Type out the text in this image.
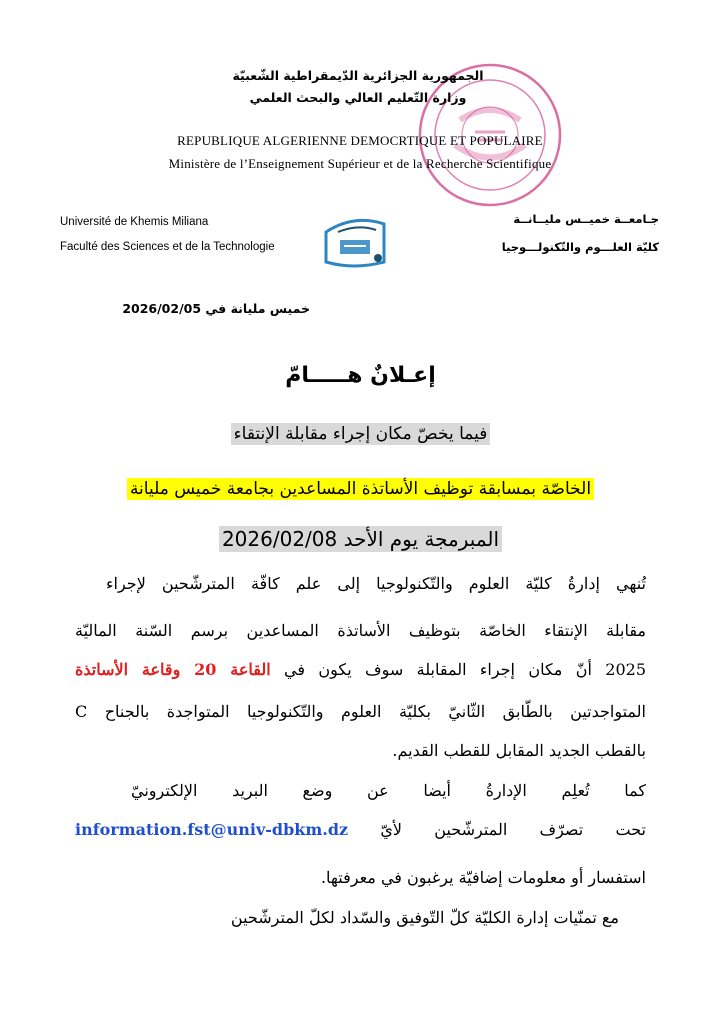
الجمهورية الجزائرية الدّيمقراطية الشّعبيّة
وزارة التّعليم العالي والبحث العلمي
REPUBLIQUE ALGERIENNE DEMOCRTIQUE ET POPULAIRE
Ministère de l’Enseignement Supérieur et de la Recherche Scientifique
Université de Khemis Miliana
Faculté des Sciences et de la Technologie
جـامعــة خميــس مليــانــة
كليّة العلـــوم والتّكنولـــوجيا
خميس مليانة في 2026/02/05
إعـلانٌ هـــــامّ
فيما يخصّ مكان إجراء مقابلة الإنتقاء
الخاصّة بمسابقة توظيف الأساتذة المساعدين بجامعة خميس مليانة
المبرمجة يوم الأحد 2026/02/08
تُنهي إدارةُ كليّة العلوم والتّكنولوجيا إلى علم كافّة المترشّحين لإجراء
مقابلة الإنتقاء الخاصّة بتوظيف الأساتذة المساعدين برسم السّنة الماليّة
2025 أنّ مكان إجراء المقابلة سوف يكون في القاعة 20 وقاعة الأساتذة
المتواجدتين بالطّابق الثّانيّ بكليّة العلوم والتّكنولوجيا المتواجدة بالجناح C
بالقطب الجديد المقابل للقطب القديم.
كما تُعلِم الإدارةُ أيضا عن وضع البريد الإلكترونيّ
تحت تصرّف المترشّحين لأيّ information.fst@univ-dbkm.dz
استفسار أو معلومات إضافيّة يرغبون في معرفتها.
مع تمنّيات إدارة الكليّة كلّ التّوفيق والسّداد لكلّ المترشّحين
